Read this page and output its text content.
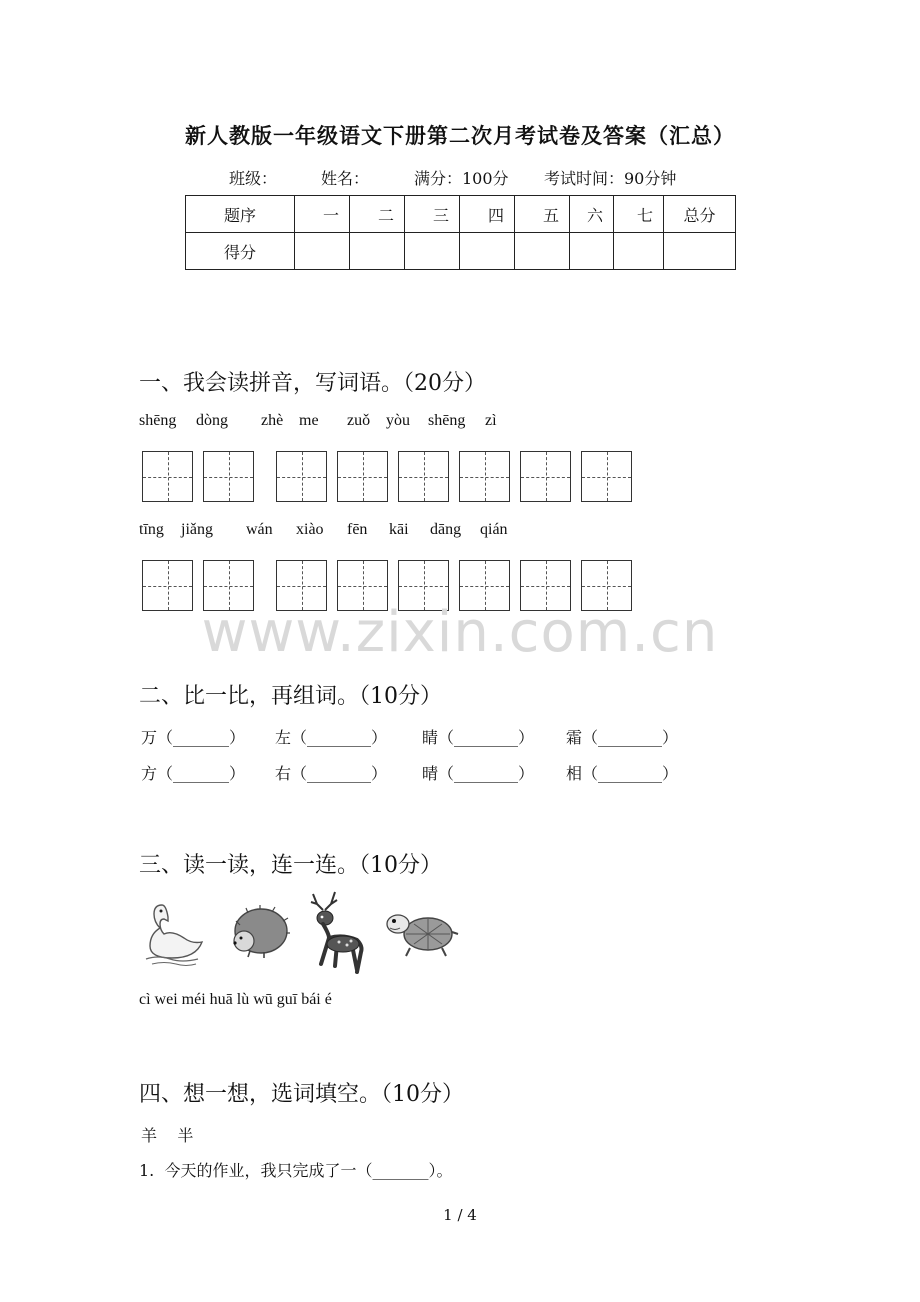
新人教版一年级语文下册第二次月考试卷及答案（汇总）
班级：	姓名：	满分：100分 考试时间：90分钟
题序	一	二	三	四	五	六	七	总分
得分								
一、我会读拼音，写词语。（20分）
shēng dòng zhè me zuǒ yòu shēng zì
tīng jiǎng wán xiào fēn kāi dāng qián
www.zixin.com.cn
二、比一比，再组词。（10分）
万（_______） 左（________） 睛（________） 霜（________）
方（_______） 右（________） 晴（________） 相（________）
三、读一读，连一连。（10分）
cì wei méi huā lù wū guī bái é
四、想一想，选词填空。（10分）
羊    半
1.  今天的作业，我只完成了一（_______）。
1 / 4
